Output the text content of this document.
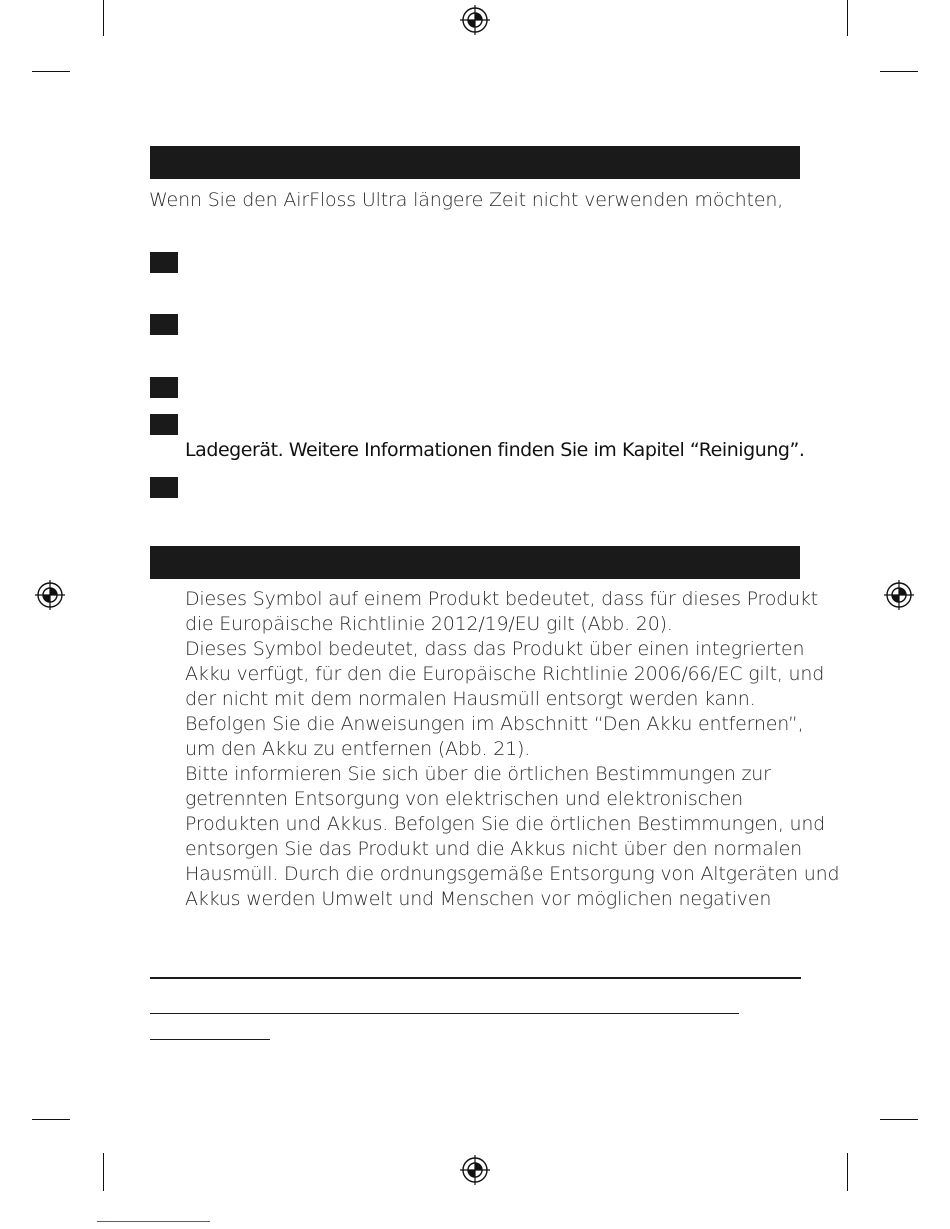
Wenn Sie den AirFloss Ultra längere Zeit nicht verwenden möchten,
Ladegerät. Weitere Informationen finden Sie im Kapitel “Reinigung”.
Dieses Symbol auf einem Produkt bedeutet, dass für dieses Produkt
die Europäische Richtlinie 2012/19/EU gilt (Abb. 20).
Dieses Symbol bedeutet, dass das Produkt über einen integrierten
Akku verfügt, für den die Europäische Richtlinie 2006/66/EC gilt, und
der nicht mit dem normalen Hausmüll entsorgt werden kann.
Befolgen Sie die Anweisungen im Abschnitt “Den Akku entfernen”,
um den Akku zu entfernen (Abb. 21).
Bitte informieren Sie sich über die örtlichen Bestimmungen zur
getrennten Entsorgung von elektrischen und elektronischen
Produkten und Akkus. Befolgen Sie die örtlichen Bestimmungen, und
entsorgen Sie das Produkt und die Akkus nicht über den normalen
Hausmüll. Durch die ordnungsgemäße Entsorgung von Altgeräten und
Akkus werden Umwelt und Menschen vor möglichen negativen
